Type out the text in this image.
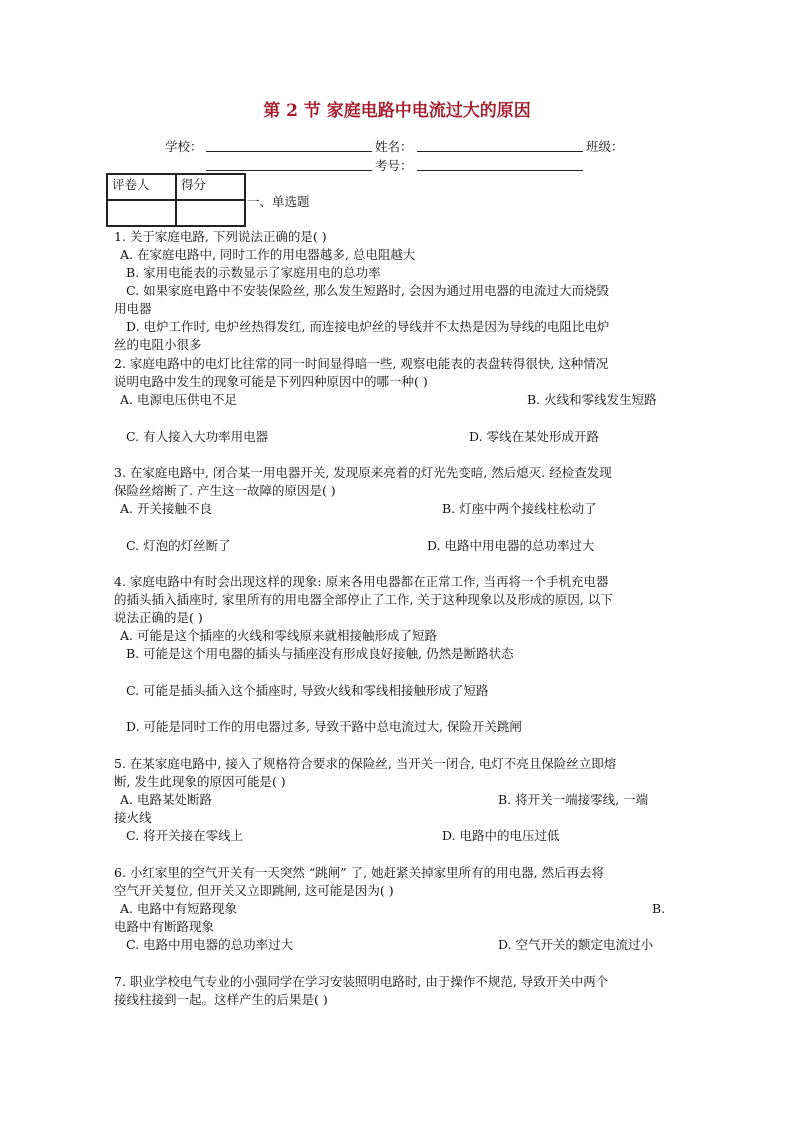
第 2 节 家庭电路中电流过大的原因
学校：	姓名：	班级：
考号：
评卷人	得分

一、单选题
1. 关于家庭电路, 下列说法正确的是( )
A. 在家庭电路中, 同时工作的用电器越多, 总电阻越大
B. 家用电能表的示数显示了家庭用电的总功率
C. 如果家庭电路中不安装保险丝, 那么发生短路时, 会因为通过用电器的电流过大而烧毁
用电器
D. 电炉工作时, 电炉丝热得发红, 而连接电炉丝的导线并不太热是因为导线的电阻比电炉
丝的电阻小很多
2. 家庭电路中的电灯比往常的同一时间显得暗一些, 观察电能表的表盘转得很快, 这种情况
说明电路中发生的现象可能是下列四种原因中的哪一种( )
A. 电源电压供电不足	B. 火线和零线发生短路
C. 有人接入大功率用电器	D. 零线在某处形成开路
3. 在家庭电路中, 闭合某一用电器开关, 发现原来亮着的灯光先变暗, 然后熄灭. 经检查发现
保险丝熔断了. 产生这一故障的原因是( )
A. 开关接触不良	B. 灯座中两个接线柱松动了
C. 灯泡的灯丝断了	D. 电路中用电器的总功率过大
4. 家庭电路中有时会出现这样的现象: 原来各用电器都在正常工作, 当再将一个手机充电器
的插头插入插座时, 家里所有的用电器全部停止了工作, 关于这种现象以及形成的原因, 以下
说法正确的是( )
A. 可能是这个插座的火线和零线原来就相接触形成了短路
B. 可能是这个用电器的插头与插座没有形成良好接触, 仍然是断路状态
C. 可能是插头插入这个插座时, 导致火线和零线相接触形成了短路
D. 可能是同时工作的用电器过多, 导致干路中总电流过大, 保险开关跳闸
5. 在某家庭电路中, 接入了规格符合要求的保险丝, 当开关一闭合, 电灯不亮且保险丝立即熔
断, 发生此现象的原因可能是( )
A. 电路某处断路	B. 将开关一端接零线, 一端
接火线
C. 将开关接在零线上	D. 电路中的电压过低
6. 小红家里的空气开关有一天突然 “跳闸” 了, 她赶紧关掉家里所有的用电器, 然后再去将
空气开关复位, 但开关又立即跳闸, 这可能是因为( )
A. 电路中有短路现象	B.
电路中有断路现象
C. 电路中用电器的总功率过大	D. 空气开关的额定电流过小
7. 职业学校电气专业的小强同学在学习安装照明电路时, 由于操作不规范, 导致开关中两个
接线柱接到一起。这样产生的后果是( )
